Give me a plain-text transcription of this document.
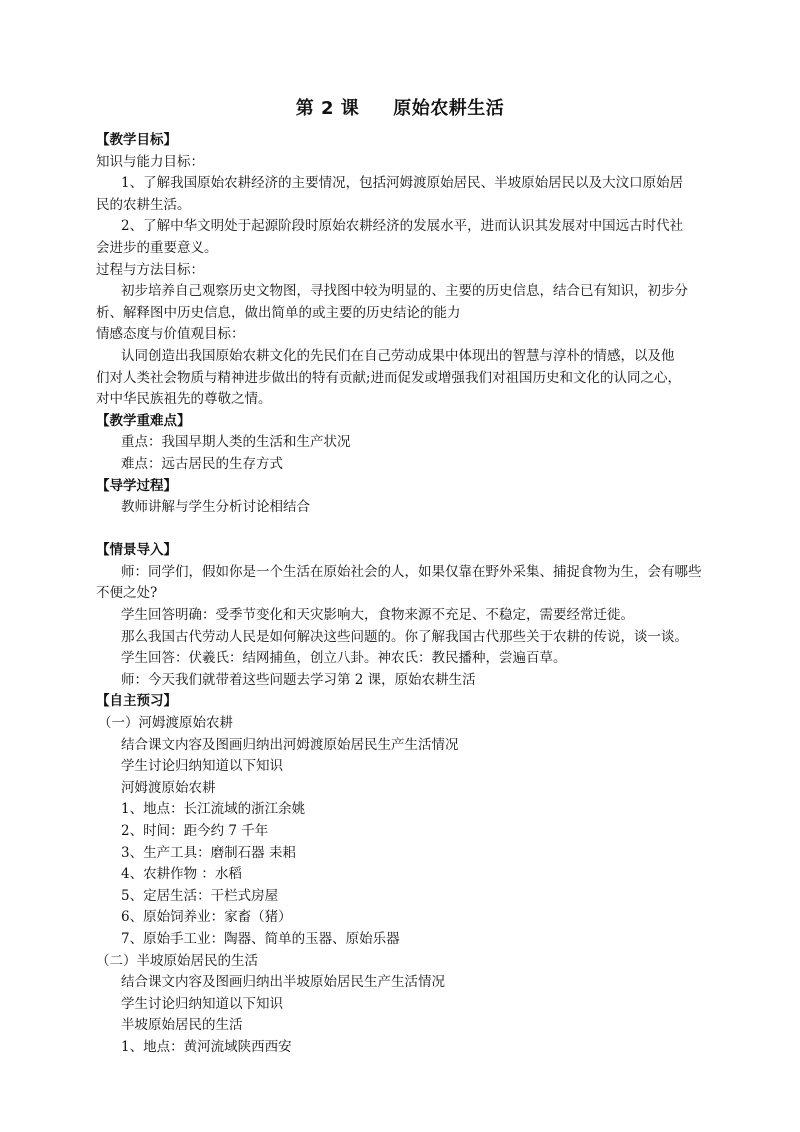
第 2 课 原始农耕生活
【教学目标】
知识与能力目标：
1、了解我国原始农耕经济的主要情况，包括河姆渡原始居民、半坡原始居民以及大汶口原始居
民的农耕生活。
2、了解中华文明处于起源阶段时原始农耕经济的发展水平，进而认识其发展对中国远古时代社
会进步的重要意义。
过程与方法目标：
初步培养自己观察历史文物图，寻找图中较为明显的、主要的历史信息，结合已有知识，初步分
析、解释图中历史信息，做出简单的或主要的历史结论的能力
情感态度与价值观目标：
认同创造出我国原始农耕文化的先民们在自己劳动成果中体现出的智慧与淳朴的情感，以及他
们对人类社会物质与精神进步做出的特有贡献;进而促发或增强我们对祖国历史和文化的认同之心，
对中华民族祖先的尊敬之情。
【教学重难点】
重点：我国早期人类的生活和生产状况
难点：远古居民的生存方式
【导学过程】
教师讲解与学生分析讨论相结合
【情景导入】
师：同学们，假如你是一个生活在原始社会的人，如果仅靠在野外采集、捕捉食物为生，会有哪些
不便之处?
学生回答明确：受季节变化和天灾影响大，食物来源不充足、不稳定，需要经常迁徙。
那么我国古代劳动人民是如何解决这些问题的。你了解我国古代那些关于农耕的传说，谈一谈。
学生回答：伏羲氏：结网捕鱼，创立八卦。神农氏：教民播种，尝遍百草。
师：今天我们就带着这些问题去学习第 2 课，原始农耕生活
【自主预习】
（一）河姆渡原始农耕
结合课文内容及图画归纳出河姆渡原始居民生产生活情况
学生讨论归纳知道以下知识
河姆渡原始农耕
1、地点：长江流域的浙江余姚
2、时间：距今约 7 千年
3、生产工具：磨制石器 耒耜
4、农耕作物 ：水稻
5、定居生活：干栏式房屋
6、原始饲养业：家畜（猪）
7、原始手工业：陶器、简单的玉器、原始乐器
（二）半坡原始居民的生活
结合课文内容及图画归纳出半坡原始居民生产生活情况
学生讨论归纳知道以下知识
半坡原始居民的生活
1、地点：黄河流域陕西西安
